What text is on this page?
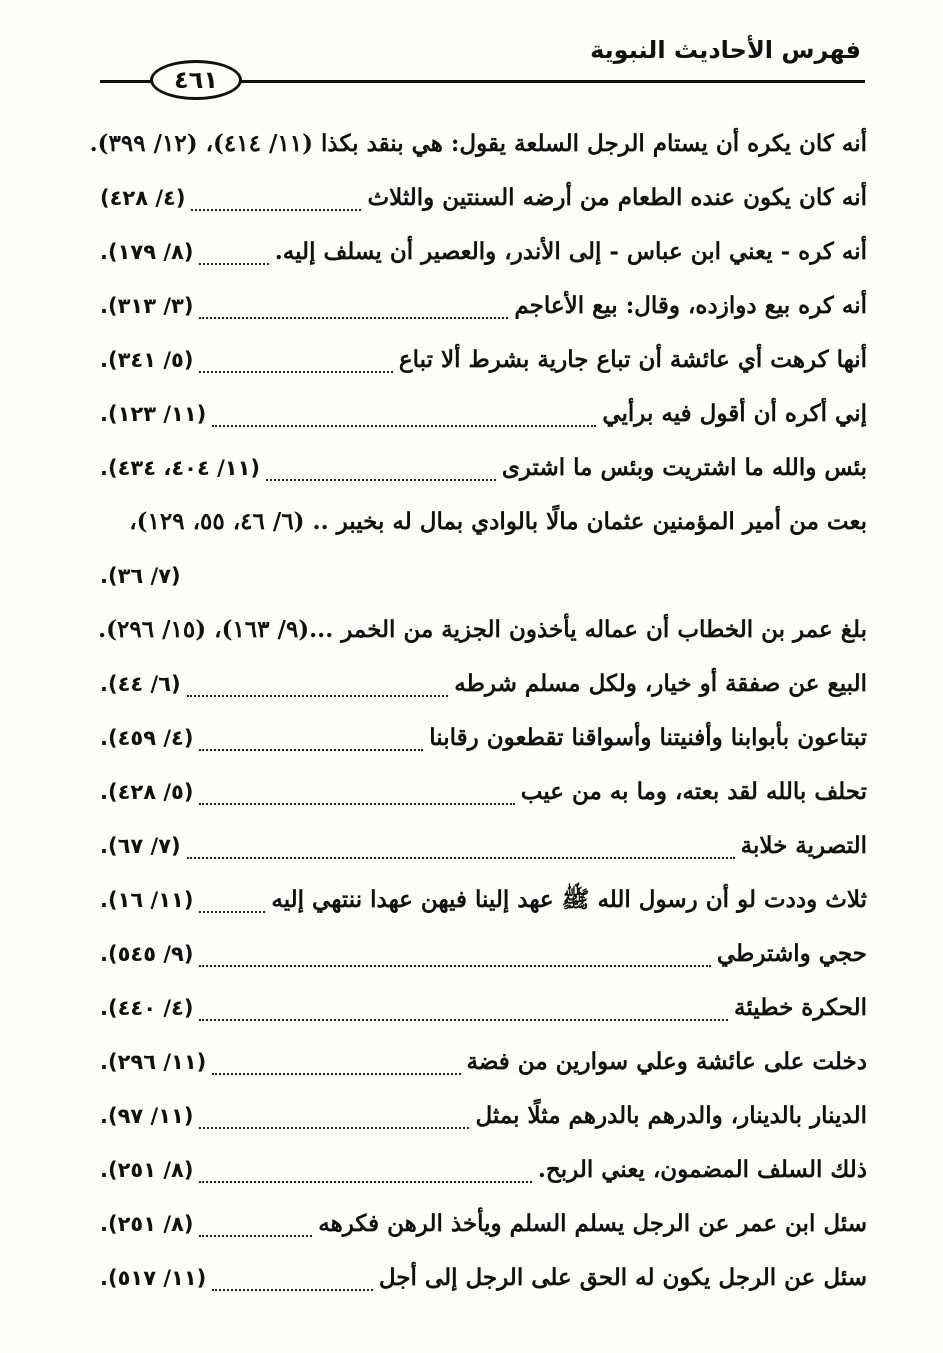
فهرس الأحاديث النبوية
٤٦١
أنه كان يكره أن يستام الرجل السلعة يقول: هي بنقد بكذا (١١/ ٤١٤)، (١٢/ ٣٩٩).
أنه كان يكون عنده الطعام من أرضه السنتين والثلاث
(٤/ ٤٢٨)
أنه كره - يعني ابن عباس - إلى الأندر، والعصير أن يسلف إليه.
(٨/ ١٧٩).
أنه كره بيع دوازده، وقال: بيع الأعاجم
(٣/ ٣١٣).
أنها كرهت أي عائشة أن تباع جارية بشرط ألا تباع
(٥/ ٣٤١).
إني أكره أن أقول فيه برأيي
(١١/ ١٢٣).
بئس والله ما اشتريت وبئس ما اشترى
(١١/ ٤٠٤، ٤٣٤).
بعت من أمير المؤمنين عثمان مالًا بالوادي بمال له بخيبر .. (٦/ ٤٦، ٥٥، ١٢٩)،
(٧/ ٣٦).
بلغ عمر بن الخطاب أن عماله يأخذون الجزية من الخمر ...(٩/ ١٦٣)، (١٥/ ٢٩٦).
البيع عن صفقة أو خيار، ولكل مسلم شرطه
(٦/ ٤٤).
تبتاعون بأبوابنا وأفنيتنا وأسواقنا تقطعون رقابنا
(٤/ ٤٥٩).
تحلف بالله لقد بعته، وما به من عيب
(٥/ ٤٢٨).
التصرية خلابة
(٧/ ٦٧).
ثلاث وددت لو أن رسول الله ﷺ عهد إلينا فيهن عهدا ننتهي إليه
(١١/ ١٦).
حجي واشترطي
(٩/ ٥٤٥).
الحكرة خطيئة
(٤/ ٤٤٠).
دخلت على عائشة وعلي سوارين من فضة
(١١/ ٢٩٦).
الدينار بالدينار، والدرهم بالدرهم مثلًا بمثل
(١١/ ٩٧).
ذلك السلف المضمون، يعني الربح.
(٨/ ٢٥١).
سئل ابن عمر عن الرجل يسلم السلم ويأخذ الرهن فكرهه
(٨/ ٢٥١).
سئل عن الرجل يكون له الحق على الرجل إلى أجل
(١١/ ٥١٧).
